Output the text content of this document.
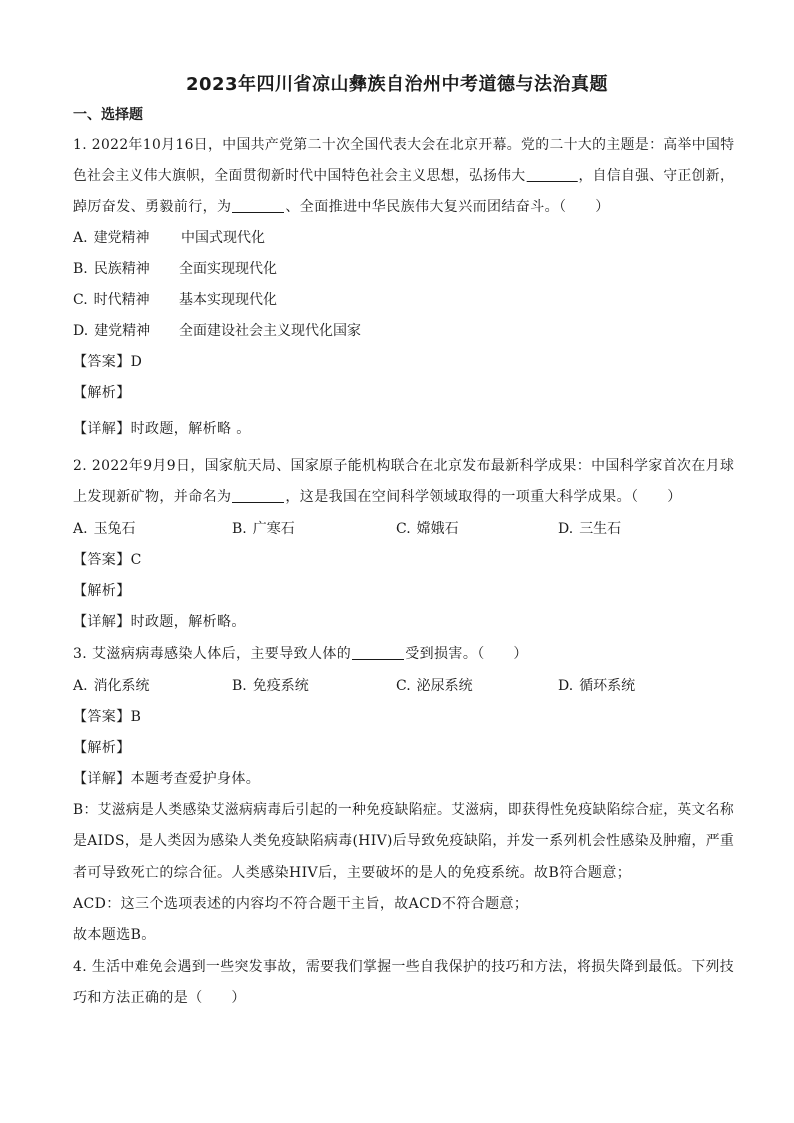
2023年四川省凉山彝族自治州中考道德与法治真题
一、选择题
1. 2022年10月16日，中国共产党第二十次全国代表大会在北京开幕。党的二十大的主题是：高举中国特
色社会主义伟大旗帜，全面贯彻新时代中国特色社会主义思想，弘扬伟大	，自信自强、守正创新，
踔厉奋发、勇毅前行，为	、全面推进中华民族伟大复兴而团结奋斗。（　　）
A. 建党精神 中国式现代化
B. 民族精神 全面实现现代化
C. 时代精神 基本实现现代化
D. 建党精神 全面建设社会主义现代化国家
【答案】D
【解析】
【详解】时政题，解析略 。
2. 2022年9月9日，国家航天局、国家原子能机构联合在北京发布最新科学成果：中国科学家首次在月球
上发现新矿物，并命名为	，这是我国在空间科学领域取得的一项重大科学成果。（　　）
A. 玉兔石	B. 广寒石	C. 嫦娥石	D. 三生石
【答案】C
【解析】
【详解】时政题，解析略。
3. 艾滋病病毒感染人体后，主要导致人体的	受到损害。（　　）
A. 消化系统	B. 免疫系统	C. 泌尿系统	D. 循环系统
【答案】B
【解析】
【详解】本题考查爱护身体。
B：艾滋病是人类感染艾滋病病毒后引起的一种免疫缺陷症。艾滋病，即获得性免疫缺陷综合症，英文名称
是AIDS，是人类因为感染人类免疫缺陷病毒(HIV)后导致免疫缺陷，并发一系列机会性感染及肿瘤，严重
者可导致死亡的综合征。人类感染HIV后，主要破坏的是人的免疫系统。故B符合题意；
ACD：这三个选项表述的内容均不符合题干主旨，故ACD不符合题意；
故本题选B。
4. 生活中难免会遇到一些突发事故，需要我们掌握一些自我保护的技巧和方法，将损失降到最低。下列技
巧和方法正确的是（　　）
